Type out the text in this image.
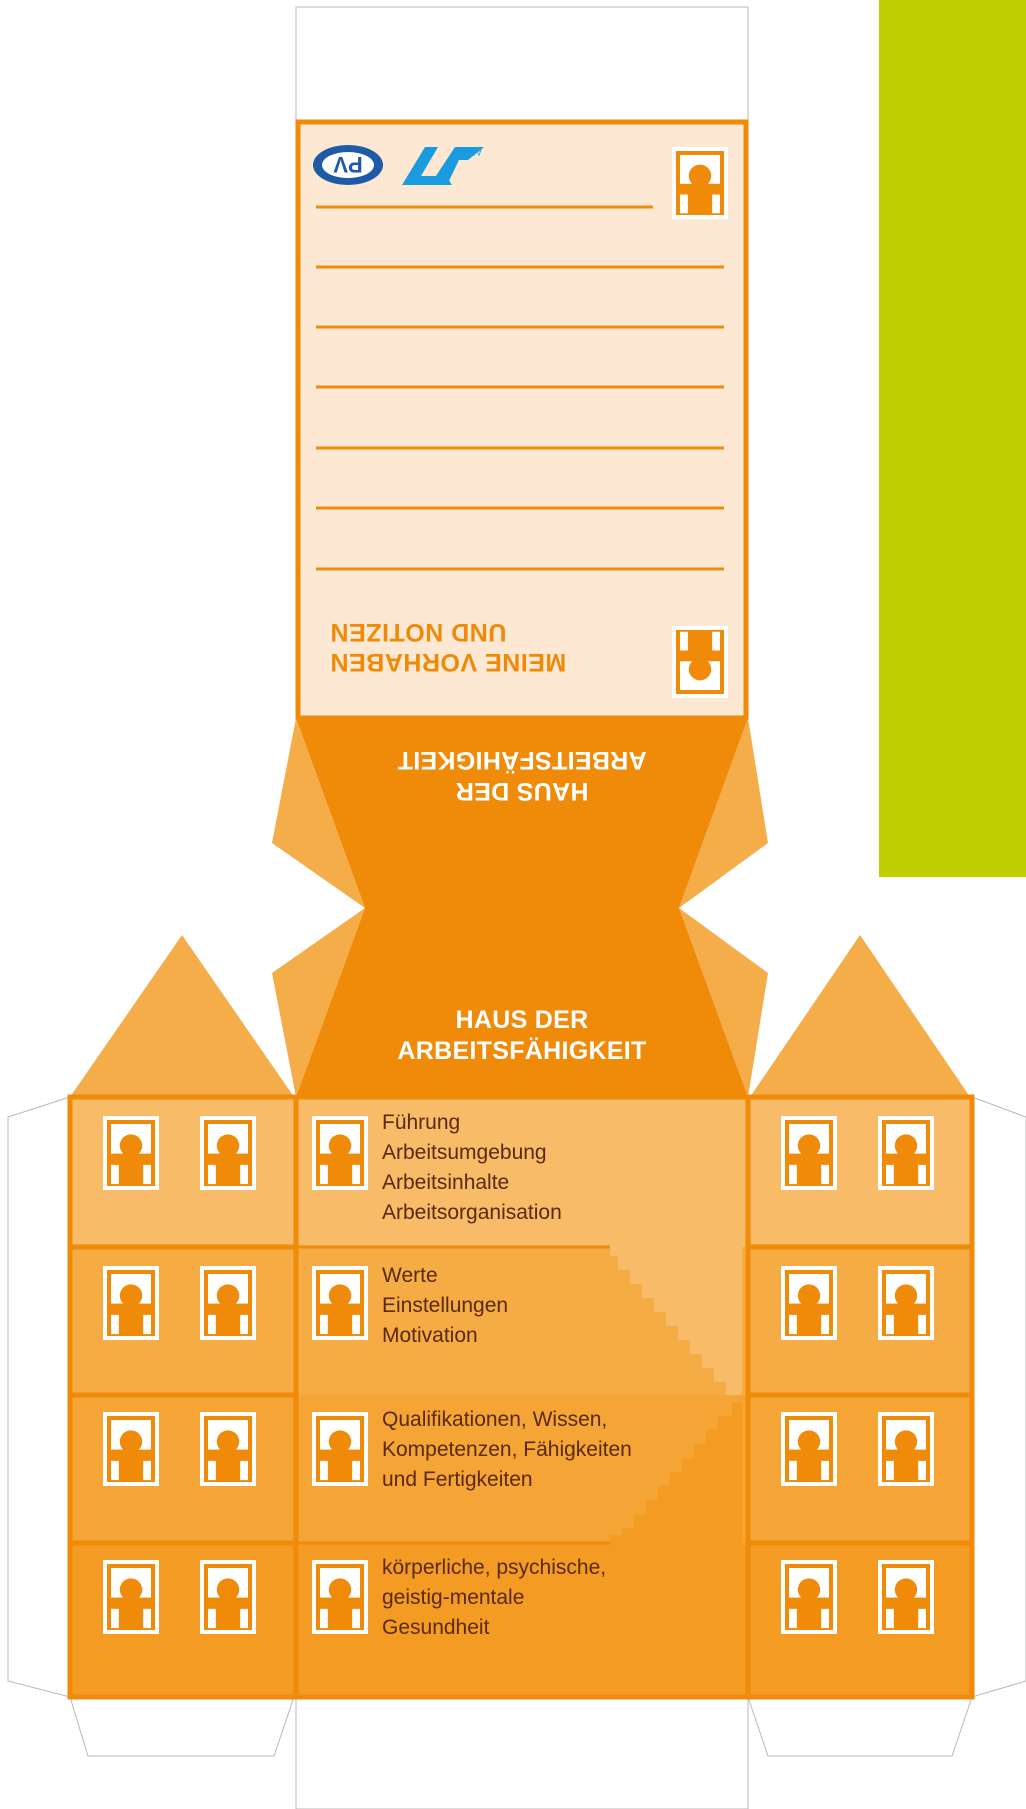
PV	AUVA
HAUS DER
ARBEITSFÄHIGKEIT
HAUS DER
ARBEITSFÄHIGKEIT
MEINE VORHABEN
UND NOTIZEN
Führung
Arbeitsumgebung
Arbeitsinhalte
Arbeitsorganisation
Werte
Einstellungen
Motivation
Qualifikationen, Wissen,
Kompetenzen, Fähigkeiten
und Fertigkeiten
körperliche, psychische,
geistig-mentale
Gesundheit
